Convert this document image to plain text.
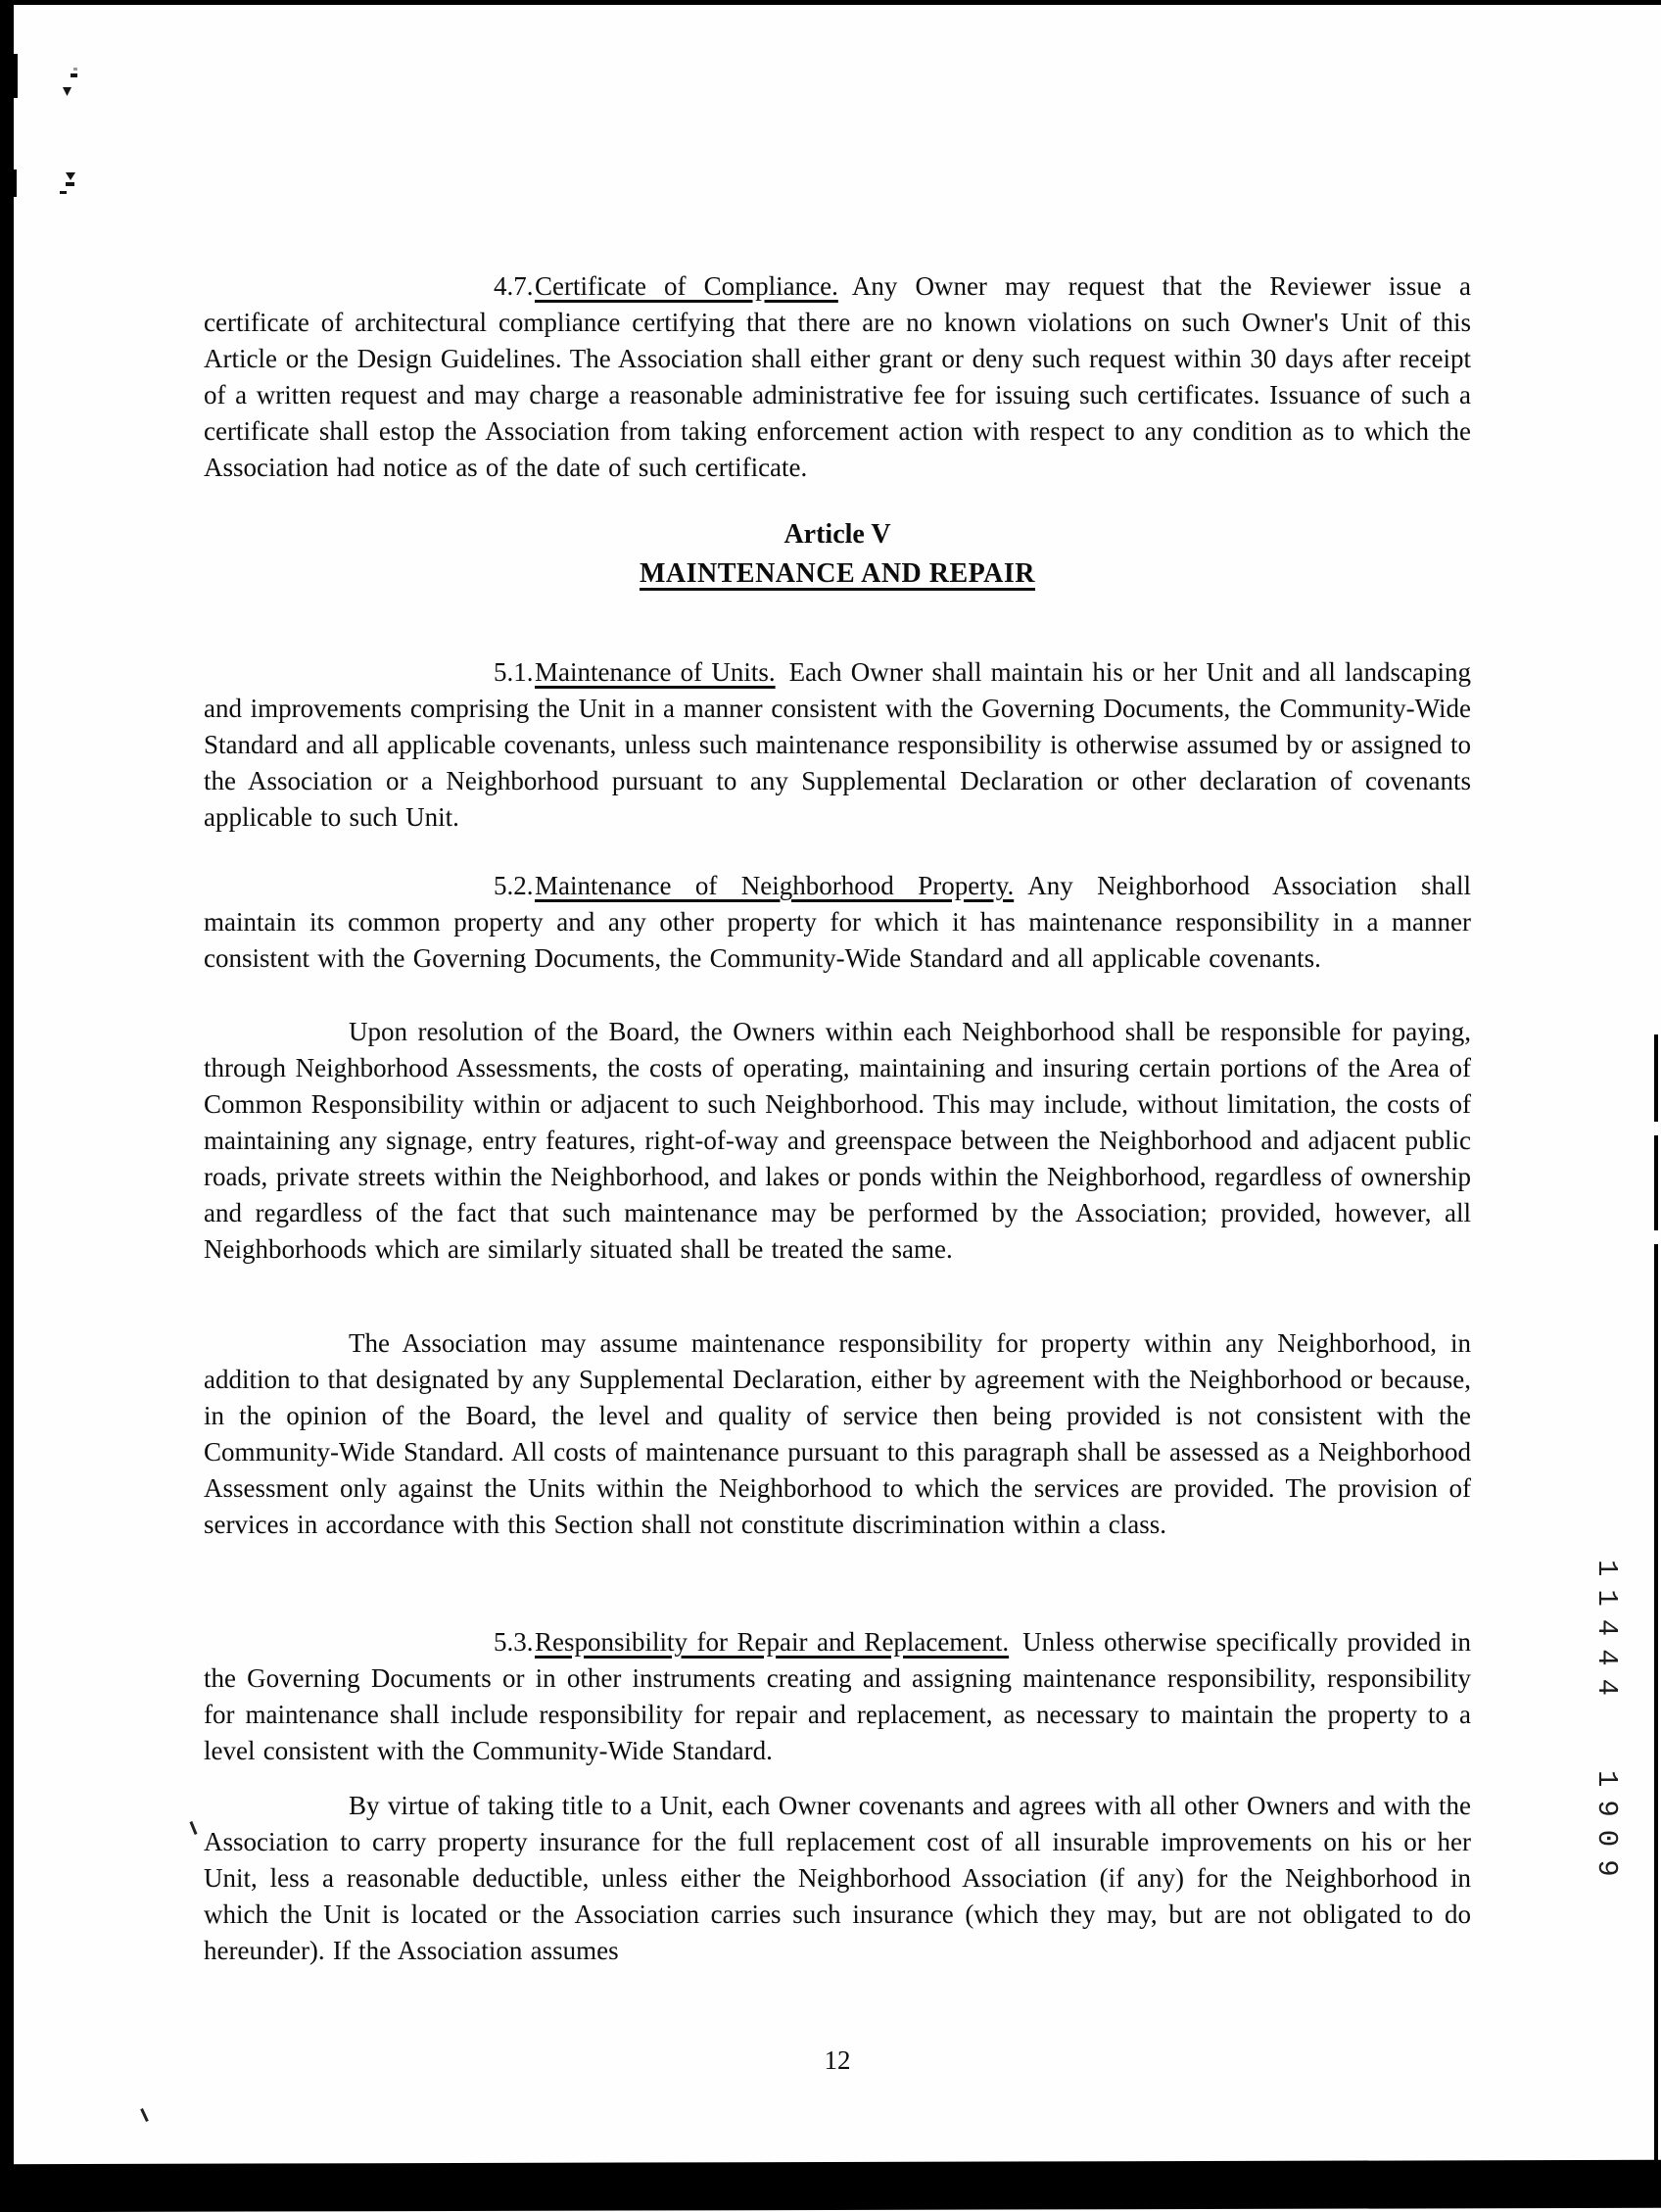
4.7.Certificate of Compliance. Any Owner may request that the Reviewer issue a certificate of architectural compliance certifying that there are no known violations on such Owner's Unit of this Article or the Design Guidelines. The Association shall either grant or deny such request within 30 days after receipt of a written request and may charge a reasonable administrative fee for issuing such certificates. Issuance of such a certificate shall estop the Association from taking enforcement action with respect to any condition as to which the Association had notice as of the date of such certificate.

Article V
MAINTENANCE AND REPAIR

5.1.Maintenance of Units. Each Owner shall maintain his or her Unit and all landscaping and improvements comprising the Unit in a manner consistent with the Governing Documents, the Community-Wide Standard and all applicable covenants, unless such maintenance responsibility is otherwise assumed by or assigned to the Association or a Neighborhood pursuant to any Supplemental Declaration or other declaration of covenants applicable to such Unit.

5.2.Maintenance of Neighborhood Property. Any Neighborhood Association shall maintain its common property and any other property for which it has maintenance responsibility in a manner consistent with the Governing Documents, the Community-Wide Standard and all applicable covenants.

Upon resolution of the Board, the Owners within each Neighborhood shall be responsible for paying, through Neighborhood Assessments, the costs of operating, maintaining and insuring certain portions of the Area of Common Responsibility within or adjacent to such Neighborhood. This may include, without limitation, the costs of maintaining any signage, entry features, right-of-way and greenspace between the Neighborhood and adjacent public roads, private streets within the Neighborhood, and lakes or ponds within the Neighborhood, regardless of ownership and regardless of the fact that such maintenance may be performed by the Association; provided, however, all Neighborhoods which are similarly situated shall be treated the same.

The Association may assume maintenance responsibility for property within any Neighborhood, in addition to that designated by any Supplemental Declaration, either by agreement with the Neighborhood or because, in the opinion of the Board, the level and quality of service then being provided is not consistent with the Community-Wide Standard. All costs of maintenance pursuant to this paragraph shall be assessed as a Neighborhood Assessment only against the Units within the Neighborhood to which the services are provided. The provision of services in accordance with this Section shall not constitute discrimination within a class.

5.3.Responsibility for Repair and Replacement. Unless otherwise specifically provided in the Governing Documents or in other instruments creating and assigning maintenance responsibility, responsibility for maintenance shall include responsibility for repair and replacement, as necessary to maintain the property to a level consistent with the Community-Wide Standard.

By virtue of taking title to a Unit, each Owner covenants and agrees with all other Owners and with the Association to carry property insurance for the full replacement cost of all insurable improvements on his or her Unit, less a reasonable deductible, unless either the Neighborhood Association (if any) for the Neighborhood in which the Unit is located or the Association carries such insurance (which they may, but are not obligated to do hereunder). If the Association assumes

12

11444
1909
